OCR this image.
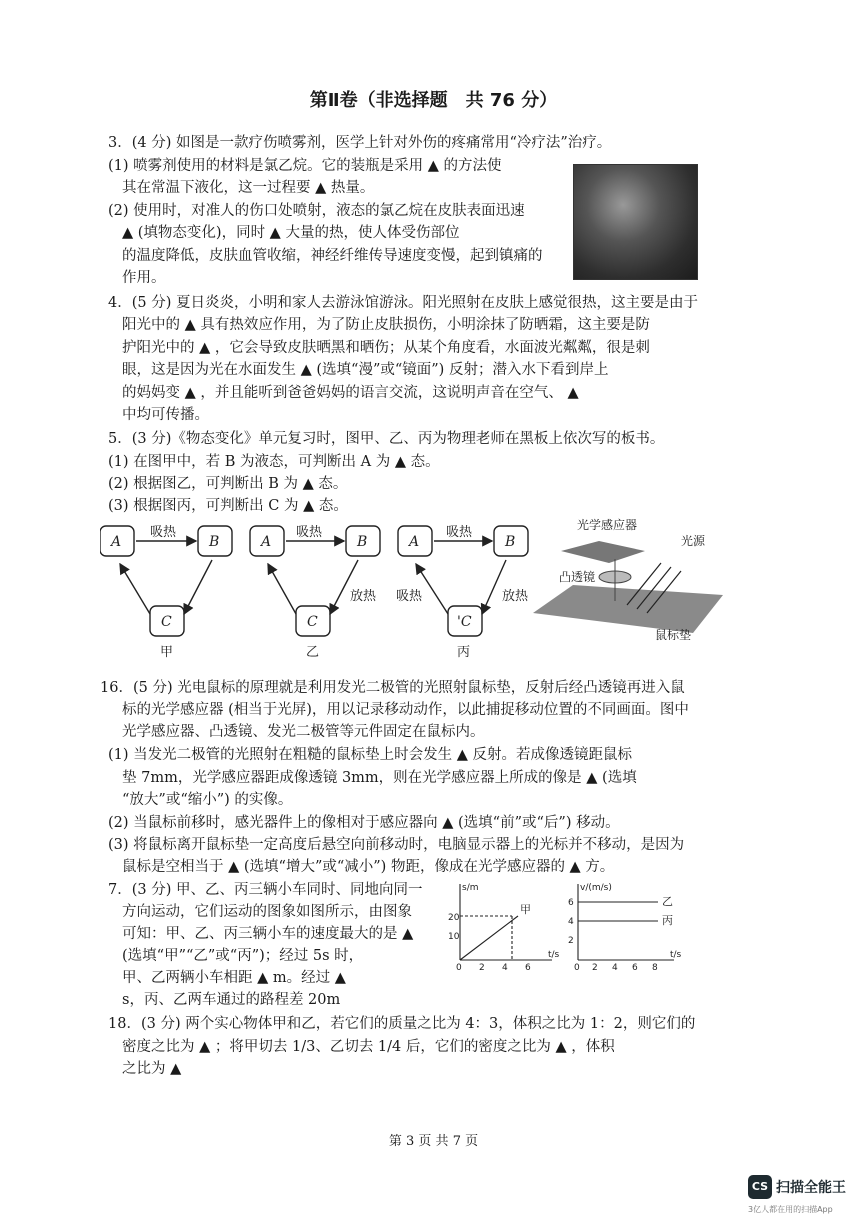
第Ⅱ卷（非选择题　共 76 分）
3．(4 分) 如图是一款疗伤喷雾剂，医学上针对外伤的疼痛常用“冷疗法”治疗。
(1) 喷雾剂使用的材料是氯乙烷。它的装瓶是采用 ▲ 的方法使
其在常温下液化，这一过程要 ▲ 热量。
(2) 使用时，对准人的伤口处喷射，液态的氯乙烷在皮肤表面迅速
▲ (填物态变化)，同时 ▲ 大量的热，使人体受伤部位
的温度降低，皮肤血管收缩，神经纤维传导速度变慢，起到镇痛的
作用。
4．(5 分) 夏日炎炎，小明和家人去游泳馆游泳。阳光照射在皮肤上感觉很热，这主要是由于
阳光中的 ▲ 具有热效应作用，为了防止皮肤损伤，小明涂抹了防晒霜，这主要是防
护阳光中的 ▲ ，它会导致皮肤晒黑和晒伤；从某个角度看，水面波光粼粼，很是刺
眼，这是因为光在水面发生 ▲ (选填“漫”或“镜面”) 反射；潜入水下看到岸上
的妈妈变 ▲ ，并且能听到爸爸妈妈的语言交流，这说明声音在空气、 ▲
中均可传播。
5．(3 分)《物态变化》单元复习时，图甲、乙、丙为物理老师在黑板上依次写的板书。
(1) 在图甲中，若 B 为液态，可判断出 A 为 ▲ 态。
(2) 根据图乙，可判断出 B 为 ▲ 态。
(3) 根据图丙，可判断出 C 为 ▲ 态。
A	B
C
A	B
C
A	B
'C
吸热	吸热
放热
吸热
吸热	放热
甲	乙	丙
光学感应器
凸透镜
光源
鼠标垫
16．(5 分) 光电鼠标的原理就是利用发光二极管的光照射鼠标垫，反射后经凸透镜再进入鼠
标的光学感应器 (相当于光屏)，用以记录移动动作，以此捕捉移动位置的不同画面。图中
光学感应器、凸透镜、发光二极管等元件固定在鼠标内。
(1) 当发光二极管的光照射在粗糙的鼠标垫上时会发生 ▲ 反射。若成像透镜距鼠标
垫 7mm，光学感应器距成像透镜 3mm，则在光学感应器上所成的像是 ▲ (选填
“放大”或“缩小”) 的实像。
(2) 当鼠标前移时，感光器件上的像相对于感应器向 ▲ (选填“前”或“后”) 移动。
(3) 将鼠标离开鼠标垫一定高度后悬空向前移动时，电脑显示器上的光标并不移动，是因为
鼠标是空相当于 ▲ (选填“增大”或“减小”) 物距，像成在光学感应器的 ▲ 方。
7．(3 分) 甲、乙、丙三辆小车同时、同地向同一
方向运动，它们运动的图象如图所示，由图象
可知：甲、乙、丙三辆小车的速度最大的是 ▲
(选填“甲”“乙”或“丙”)；经过 5s 时，
甲、乙两辆小车相距 ▲ m。经过 ▲
s，丙、乙两车通过的路程差 20m
s/m
t/s
20
10
0 2 4 6
甲
v/(m/s)
t/s
6
4
2
0 2 4 6 8
乙
丙
18．(3 分) 两个实心物体甲和乙，若它们的质量之比为 4：3，体积之比为 1：2，则它们的
密度之比为 ▲ ；将甲切去 1/3、乙切去 1/4 后，它们的密度之比为 ▲ ，体积
之比为 ▲
第 3 页 共 7 页
CS 扫描全能王
3亿人都在用的扫描App
